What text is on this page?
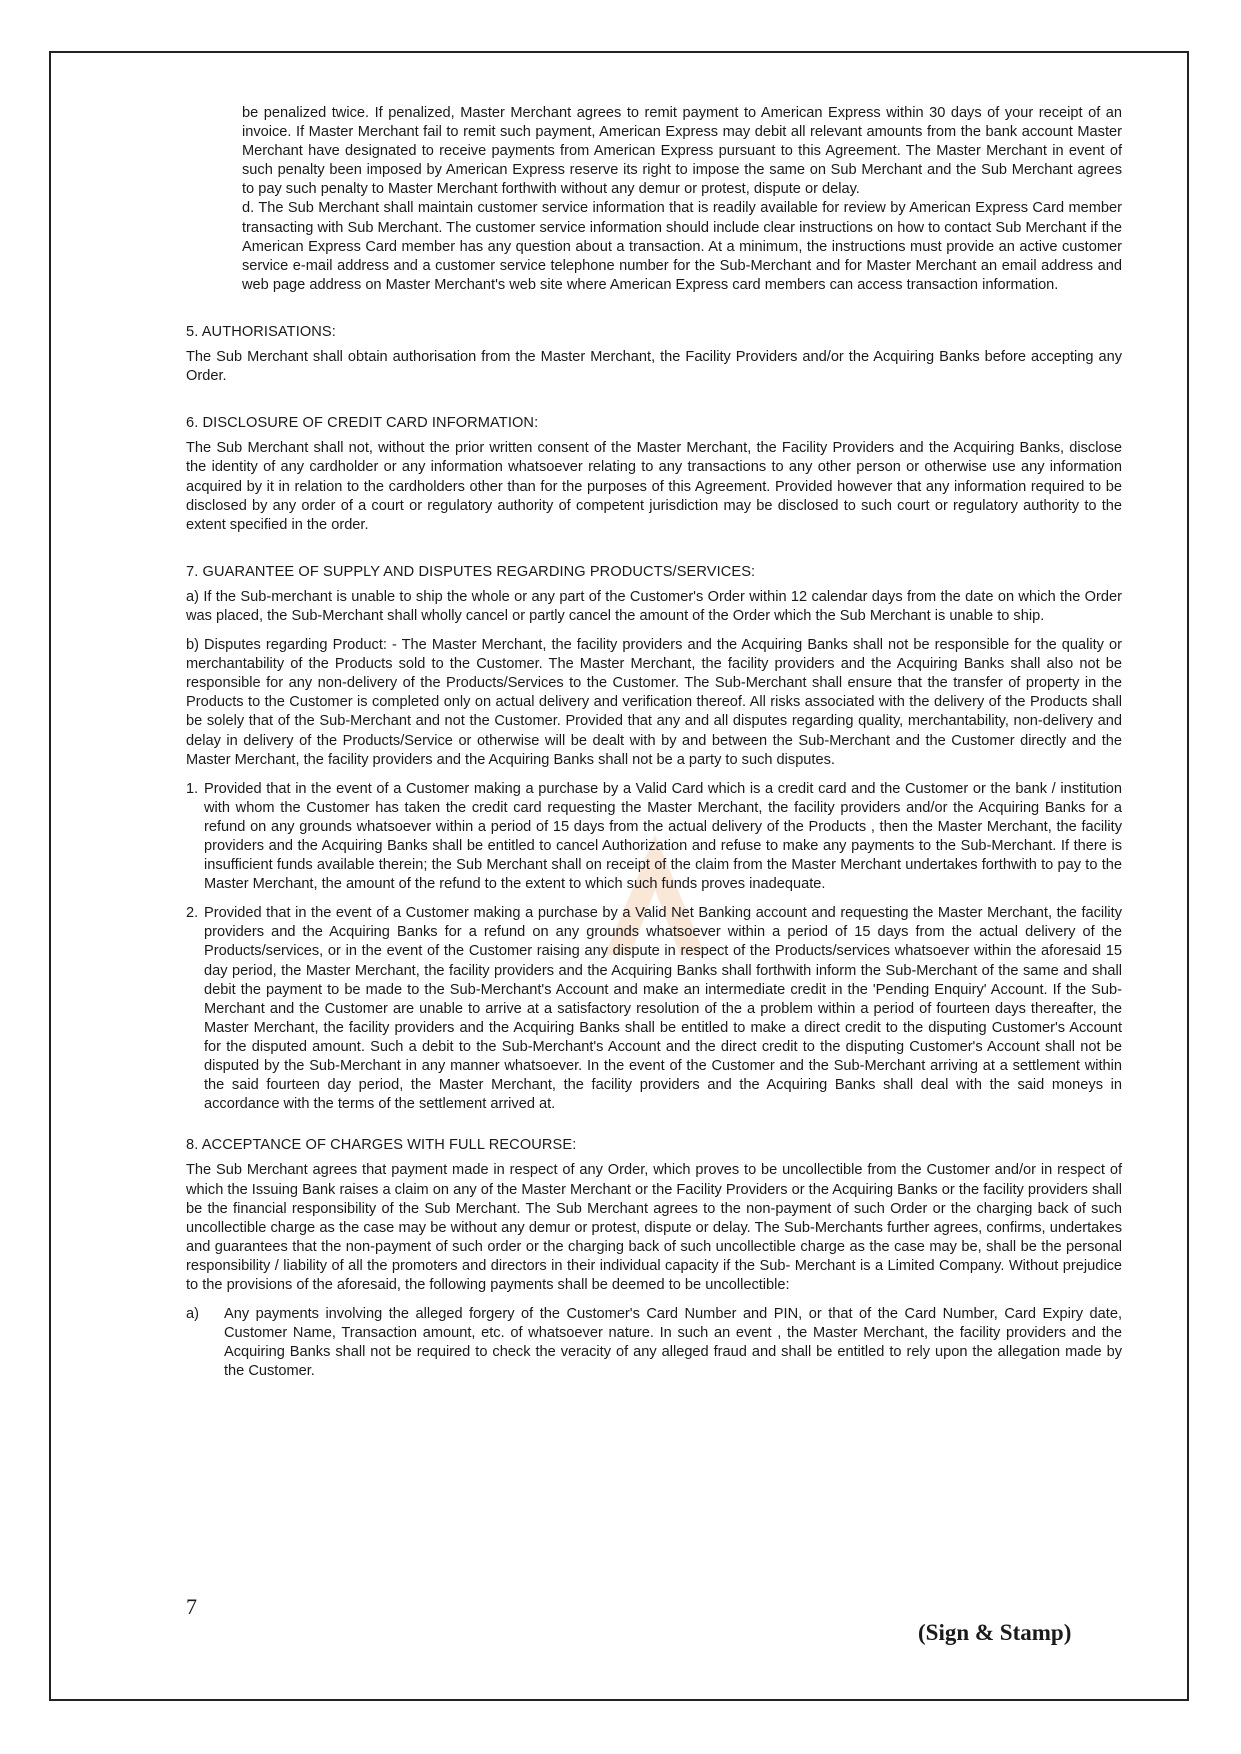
be penalized twice. If penalized, Master Merchant agrees to remit payment to American Express within 30 days of your receipt of an invoice. If Master Merchant fail to remit such payment, American Express may debit all relevant amounts from the bank account Master Merchant have designated to receive payments from American Express pursuant to this Agreement. The Master Merchant in event of such penalty been imposed by American Express reserve its right to impose the same on Sub Merchant and the Sub Merchant agrees to pay such penalty to Master Merchant forthwith without any demur or protest, dispute or delay.

d. The Sub Merchant shall maintain customer service information that is readily available for review by American Express Card member transacting with Sub Merchant. The customer service information should include clear instructions on how to contact Sub Merchant if the American Express Card member has any question about a transaction. At a minimum, the instructions must provide an active customer service e-mail address and a customer service telephone number for the Sub-Merchant and for Master Merchant an email address and web page address on Master Merchant's web site where American Express card members can access transaction information.

5. AUTHORISATIONS:

The Sub Merchant shall obtain authorisation from the Master Merchant, the Facility Providers and/or the Acquiring Banks before accepting any Order.

6. DISCLOSURE OF CREDIT CARD INFORMATION:

The Sub Merchant shall not, without the prior written consent of the Master Merchant, the Facility Providers and the Acquiring Banks, disclose the identity of any cardholder or any information whatsoever relating to any transactions to any other person or otherwise use any information acquired by it in relation to the cardholders other than for the purposes of this Agreement. Provided however that any information required to be disclosed by any order of a court or regulatory authority of competent jurisdiction may be disclosed to such court or regulatory authority to the extent specified in the order.

7. GUARANTEE OF SUPPLY AND DISPUTES REGARDING PRODUCTS/SERVICES:

a) If the Sub-merchant is unable to ship the whole or any part of the Customer's Order within 12 calendar days from the date on which the Order was placed, the Sub-Merchant shall wholly cancel or partly cancel the amount of the Order which the Sub Merchant is unable to ship.

b) Disputes regarding Product: - The Master Merchant, the facility providers and the Acquiring Banks shall not be responsible for the quality or merchantability of the Products sold to the Customer. The Master Merchant, the facility providers and the Acquiring Banks shall also not be responsible for any non-delivery of the Products/Services to the Customer. The Sub-Merchant shall ensure that the transfer of property in the Products to the Customer is completed only on actual delivery and verification thereof. All risks associated with the delivery of the Products shall be solely that of the Sub-Merchant and not the Customer. Provided that any and all disputes regarding quality, merchantability, non-delivery and delay in delivery of the Products/Service or otherwise will be dealt with by and between the Sub-Merchant and the Customer directly and the Master Merchant, the facility providers and the Acquiring Banks shall not be a party to such disputes.

1. Provided that in the event of a Customer making a purchase by a Valid Card which is a credit card and the Customer or the bank / institution with whom the Customer has taken the credit card requesting the Master Merchant, the facility providers and/or the Acquiring Banks for a refund on any grounds whatsoever within a period of 15 days from the actual delivery of the Products , then the Master Merchant, the facility providers and the Acquiring Banks shall be entitled to cancel Authorization and refuse to make any payments to the Sub-Merchant. If there is insufficient funds available therein; the Sub Merchant shall on receipt of the claim from the Master Merchant undertakes forthwith to pay to the Master Merchant, the amount of the refund to the extent to which such funds proves inadequate.
2. Provided that in the event of a Customer making a purchase by a Valid Net Banking account and requesting the Master Merchant, the facility providers and the Acquiring Banks for a refund on any grounds whatsoever within a period of 15 days from the actual delivery of the Products/services, or in the event of the Customer raising any dispute in respect of the Products/services whatsoever within the aforesaid 15 day period, the Master Merchant, the facility providers and the Acquiring Banks shall forthwith inform the Sub-Merchant of the same and shall debit the payment to be made to the Sub-Merchant's Account and make an intermediate credit in the 'Pending Enquiry' Account. If the Sub-Merchant and the Customer are unable to arrive at a satisfactory resolution of the a problem within a period of fourteen days thereafter, the Master Merchant, the facility providers and the Acquiring Banks shall be entitled to make a direct credit to the disputing Customer's Account for the disputed amount. Such a debit to the Sub-Merchant's Account and the direct credit to the disputing Customer's Account shall not be disputed by the Sub-Merchant in any manner whatsoever. In the event of the Customer and the Sub-Merchant arriving at a settlement within the said fourteen day period, the Master Merchant, the facility providers and the Acquiring Banks shall deal with the said moneys in accordance with the terms of the settlement arrived at.

8. ACCEPTANCE OF CHARGES WITH FULL RECOURSE:

The Sub Merchant agrees that payment made in respect of any Order, which proves to be uncollectible from the Customer and/or in respect of which the Issuing Bank raises a claim on any of the Master Merchant or the Facility Providers or the Acquiring Banks or the facility providers shall be the financial responsibility of the Sub Merchant. The Sub Merchant agrees to the non-payment of such Order or the charging back of such uncollectible charge as the case may be without any demur or protest, dispute or delay. The Sub-Merchants further agrees, confirms, undertakes and guarantees that the non-payment of such order or the charging back of such uncollectible charge as the case may be, shall be the personal responsibility / liability of all the promoters and directors in their individual capacity if the Sub- Merchant is a Limited Company. Without prejudice to the provisions of the aforesaid, the following payments shall be deemed to be uncollectible:

a)	Any payments involving the alleged forgery of the Customer's Card Number and PIN, or that of the Card Number, Card Expiry date, Customer Name, Transaction amount, etc. of whatsoever nature. In such an event , the Master Merchant, the facility providers and the Acquiring Banks shall not be required to check the veracity of any alleged fraud and shall be entitled to rely upon the allegation made by the Customer.
7
(Sign & Stamp)
